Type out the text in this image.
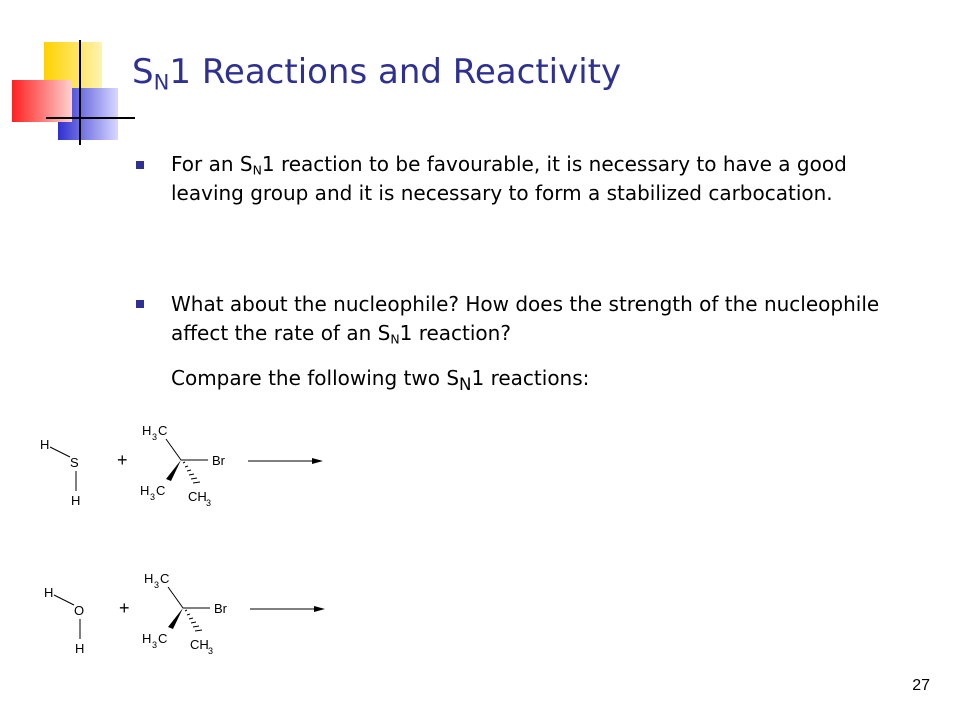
$S_N1$ Reactions and Reactivity
For an $S_N1$ reaction to be favourable, it is necessary to have a good leaving group and it is necessary to form a stabilized carbocation.
What about the nucleophile? How does the strength of the nucleophile affect the rate of an $S_N1$ reaction?
Compare the following two $S_N1$ reactions:
H
S
H
+
H 3 C
Br
H 3 C CH 3
H
O
H
+
H 3 C
Br
H 3 C CH 3
27
